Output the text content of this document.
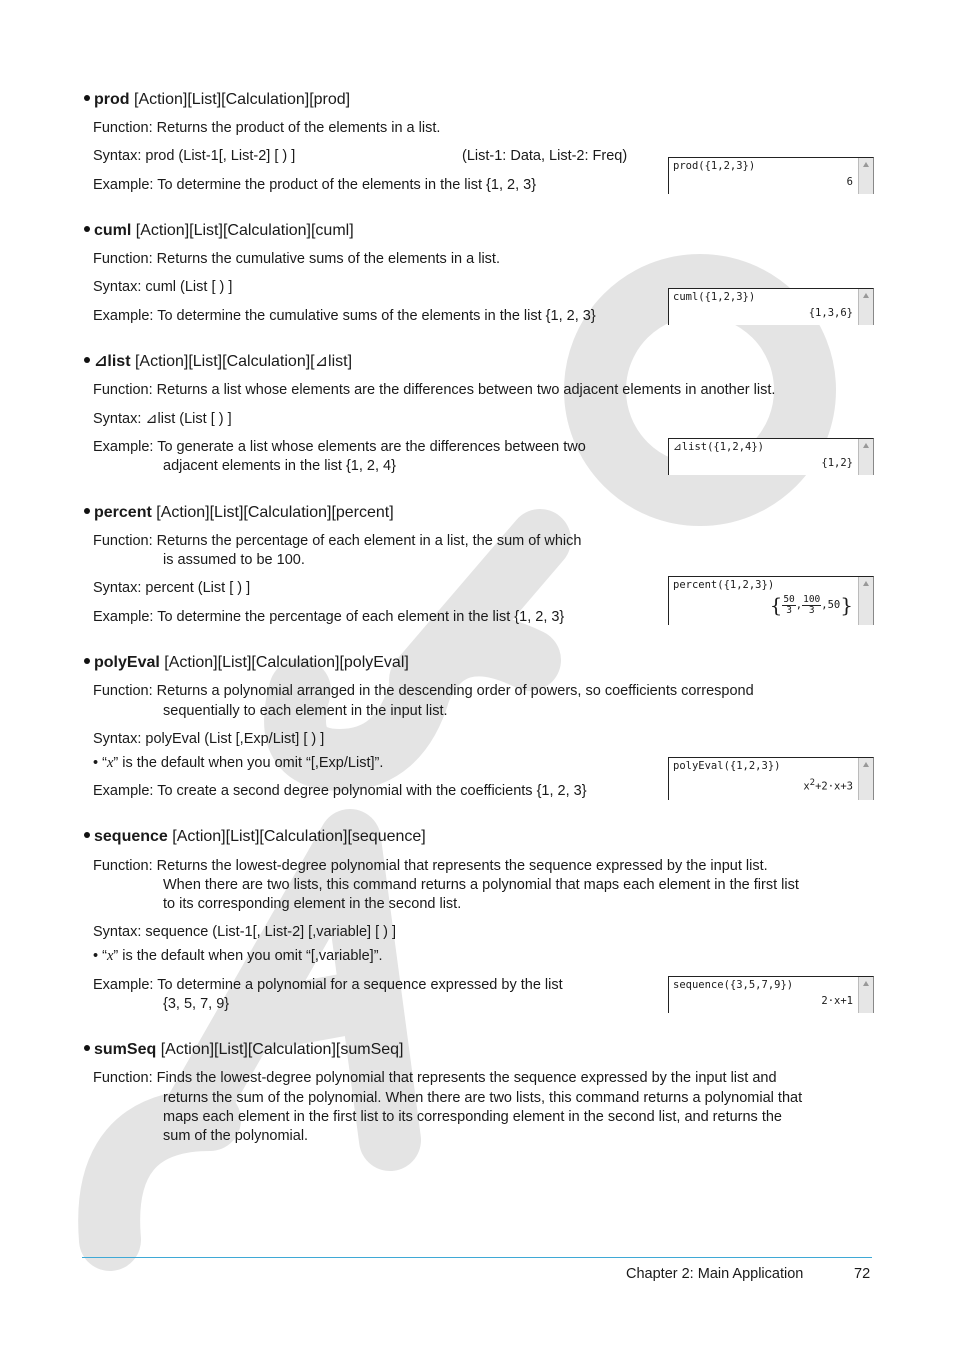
prod [Action][List][Calculation][prod]

Function: Returns the product of the elements in a list.
Syntax: prod (List-1[, List-2] [ ) ]	(List-1: Data, List-2: Freq)
Example: To determine the product of the elements in the list {1, 2, 3}
prod({1,2,3})
6

cuml [Action][List][Calculation][cuml]

Function: Returns the cumulative sums of the elements in a list.
Syntax: cuml (List [ ) ]
Example: To determine the cumulative sums of the elements in the list {1, 2, 3}
cuml({1,2,3})
{1,3,6}

⊿list [Action][List][Calculation][⊿list]

Function: Returns a list whose elements are the differences between two adjacent elements in another list.
Syntax: ⊿list (List [ ) ]
Example: To generate a list whose elements are the differences between two
adjacent elements in the list {1, 2, 4}
⊿list({1,2,4})
{1,2}

percent [Action][List][Calculation][percent]

Function: Returns the percentage of each element in a list, the sum of which
is assumed to be 100.
Syntax: percent (List [ ) ]
Example: To determine the percentage of each element in the list {1, 2, 3}
percent({1,2,3})
{ $\frac{50}{3}$ , $\frac{100}{3} ,50$}

polyEval [Action][List][Calculation][polyEval]

Function: Returns a polynomial arranged in the descending order of powers, so coefficients correspond
sequentially to each element in the input list.
Syntax: polyEval (List [,Exp/List] [ ) ]
• “x” is the default when you omit “[,Exp/List]”.
Example: To create a second degree polynomial with the coefficients {1, 2, 3}
polyEval({1,2,3})
$x^2+2\cdot x+3$

sequence [Action][List][Calculation][sequence]

Function: Returns the lowest-degree polynomial that represents the sequence expressed by the input list.
When there are two lists, this command returns a polynomial that maps each element in the first list
to its corresponding element in the second list.
Syntax: sequence (List-1[, List-2] [,variable] [ ) ]
• “x” is the default when you omit “[,variable]”.
Example: To determine a polynomial for a sequence expressed by the list
{3, 5, 7, 9}
sequence({3,5,7,9})
2·x+1

sumSeq [Action][List][Calculation][sumSeq]

Function: Finds the lowest-degree polynomial that represents the sequence expressed by the input list and
returns the sum of the polynomial. When there are two lists, this command returns a polynomial that
maps each element in the first list to its corresponding element in the second list, and returns the
sum of the polynomial.
Chapter 2: Main Application	72
